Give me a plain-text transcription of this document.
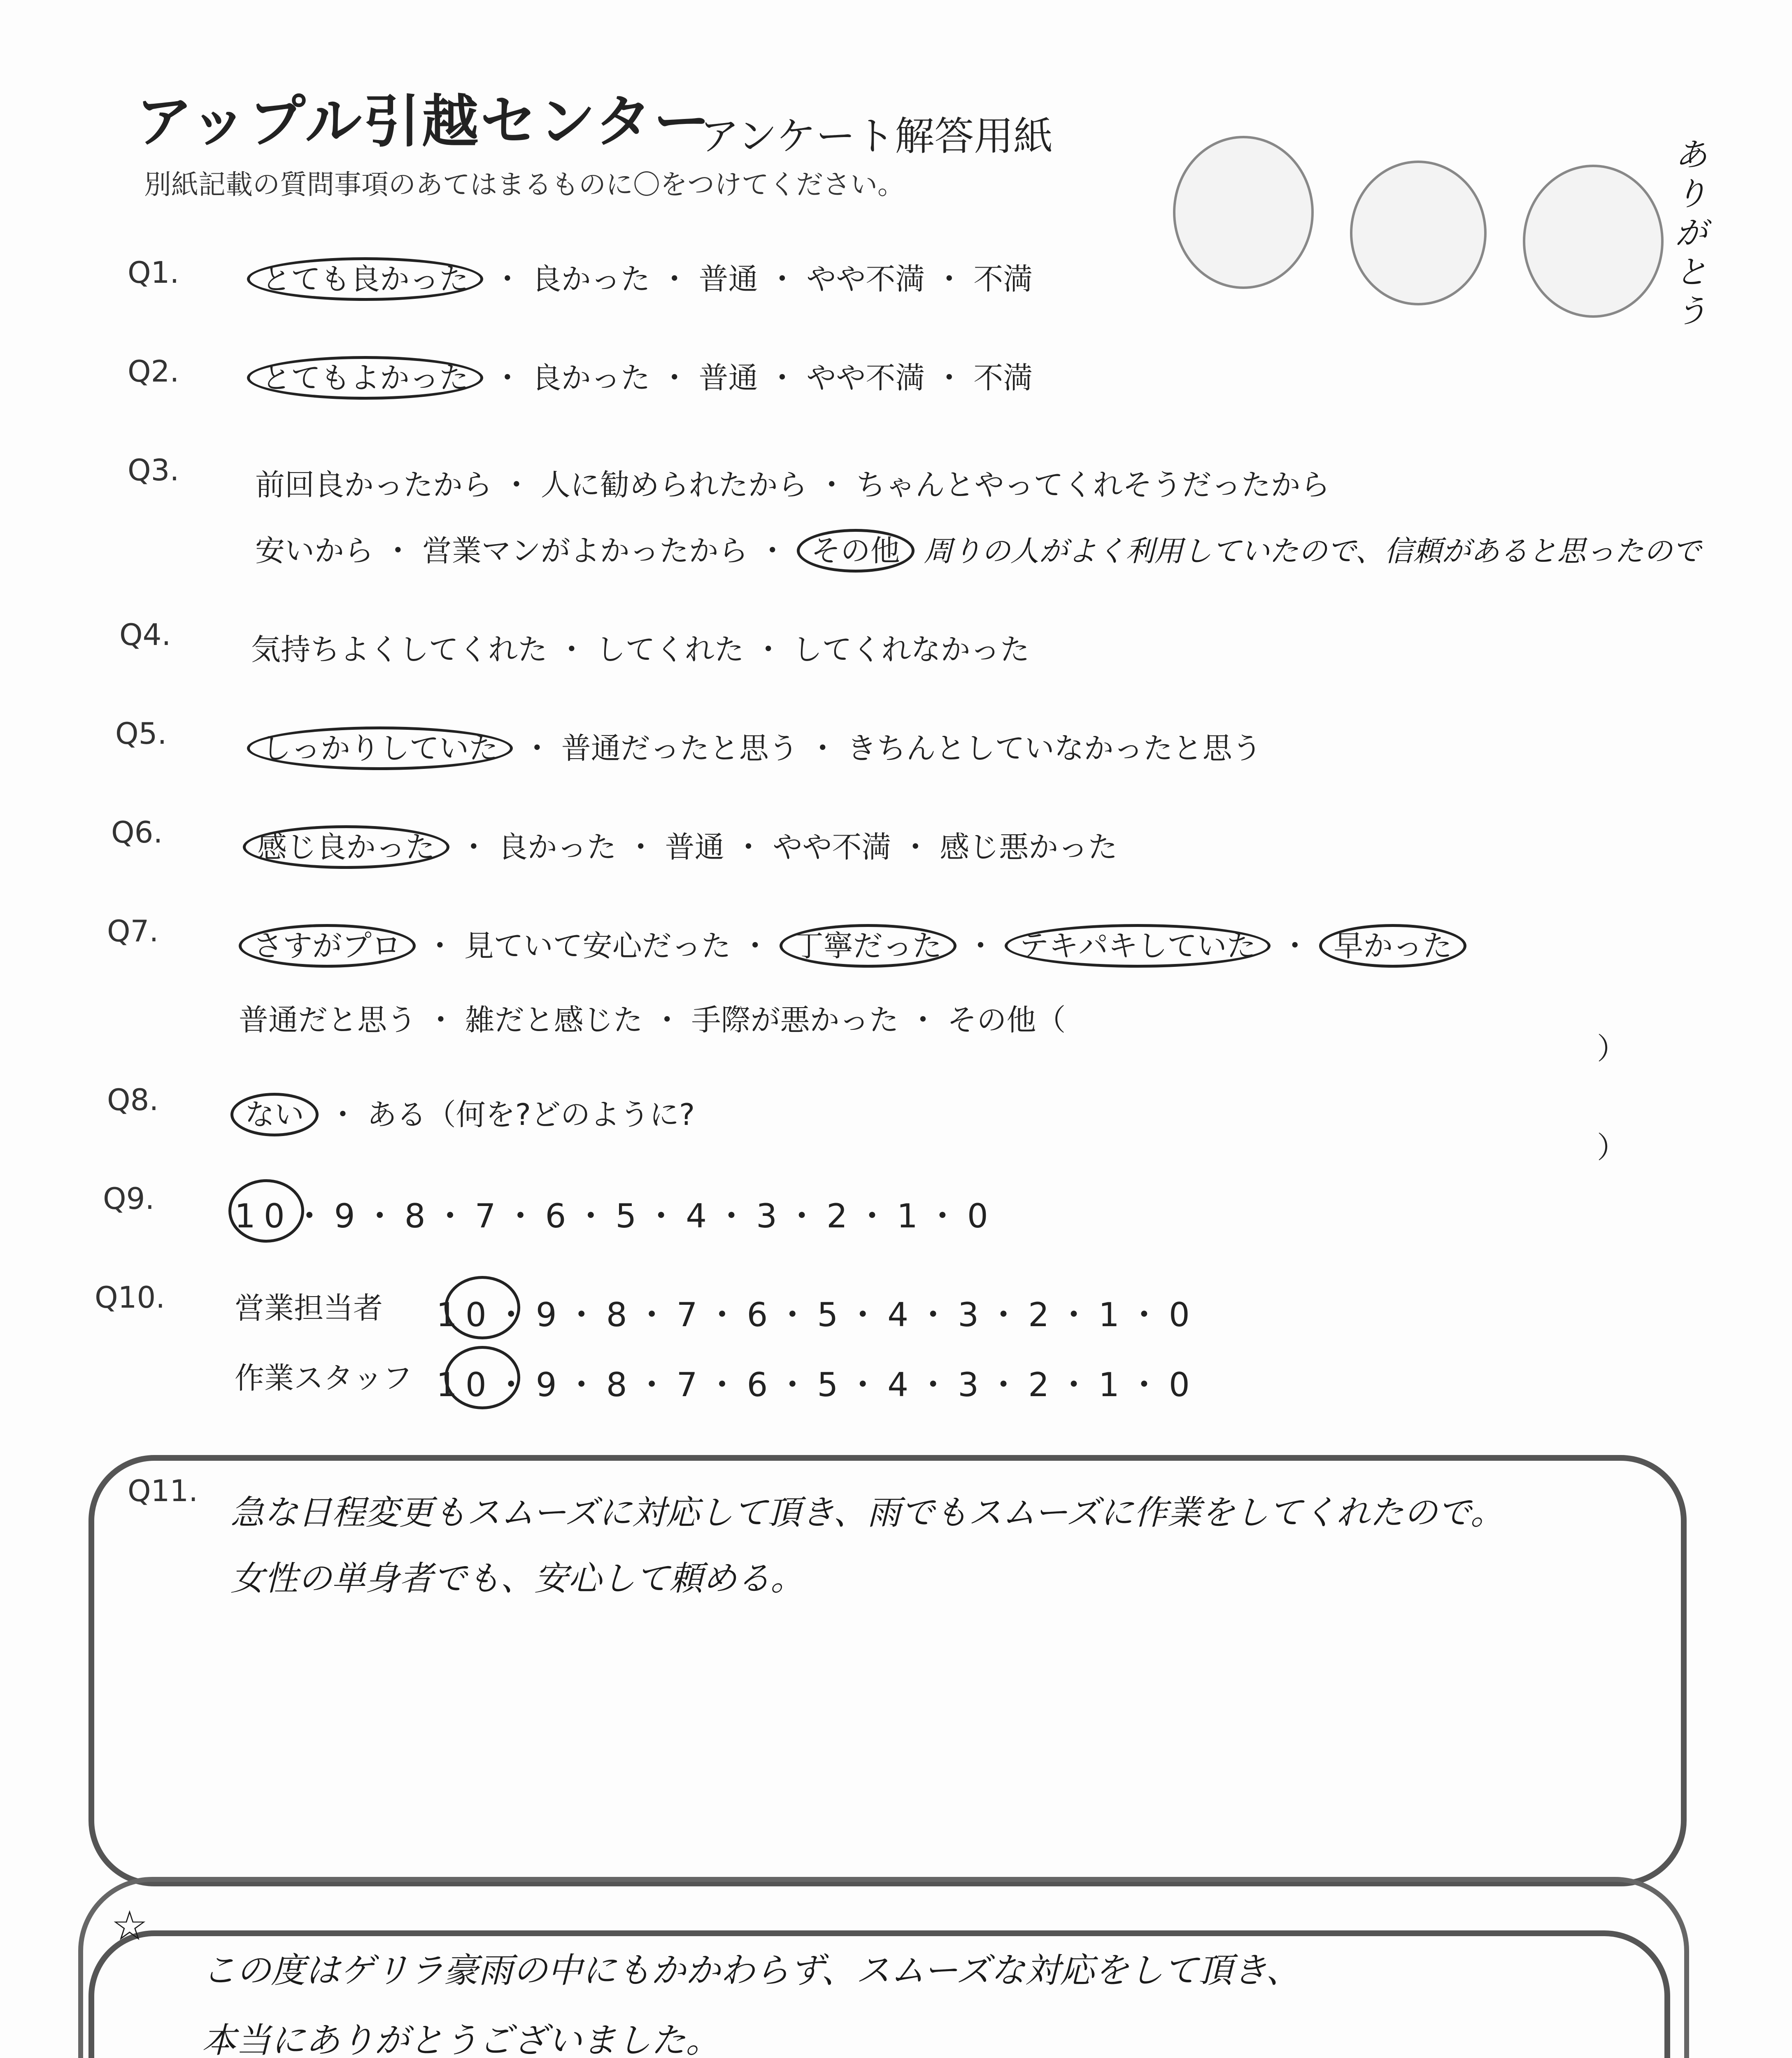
アップル引越センター
アンケート解答用紙
別紙記載の質問事項のあてはまるものに〇をつけてください。
ありがとう
Q1.	とても良かった ・ 良かった ・ 普通 ・ やや不満 ・ 不満
Q2.	とてもよかった ・ 良かった ・ 普通 ・ やや不満 ・ 不満
Q3.	前回良かったから ・ 人に勧められたから ・ ちゃんとやってくれそうだったから
安いから ・ 営業マンがよかったから ・ その他 周りの人がよく利用していたので、信頼があると思ったので
Q4.	気持ちよくしてくれた ・ してくれた ・ してくれなかった
Q5.	しっかりしていた ・ 普通だったと思う ・ きちんとしていなかったと思う
Q6.	感じ良かった ・ 良かった ・ 普通 ・ やや不満 ・ 感じ悪かった
Q7.	さすがプロ ・ 見ていて安心だった ・ 丁寧だった ・ テキパキしていた ・ 早かった
普通だと思う ・ 雑だと感じた ・ 手際が悪かった ・ その他（
）
Q8.	ない ・ ある（何を?どのように?
）
Q9. 10・9・8・7・6・5・4・3・2・1・0
Q10. 営業担当者 10・9・8・7・6・5・4・3・2・1・0
作業スタッフ 10・9・8・7・6・5・4・3・2・1・0
Q11.
急な日程変更もスムーズに対応して頂き、雨でもスムーズに作業をしてくれたので。
女性の単身者でも、安心して頼める。
☆
この度はゲリラ豪雨の中にもかかわらず、スムーズな対応をして頂き、
本当にありがとうございました。
